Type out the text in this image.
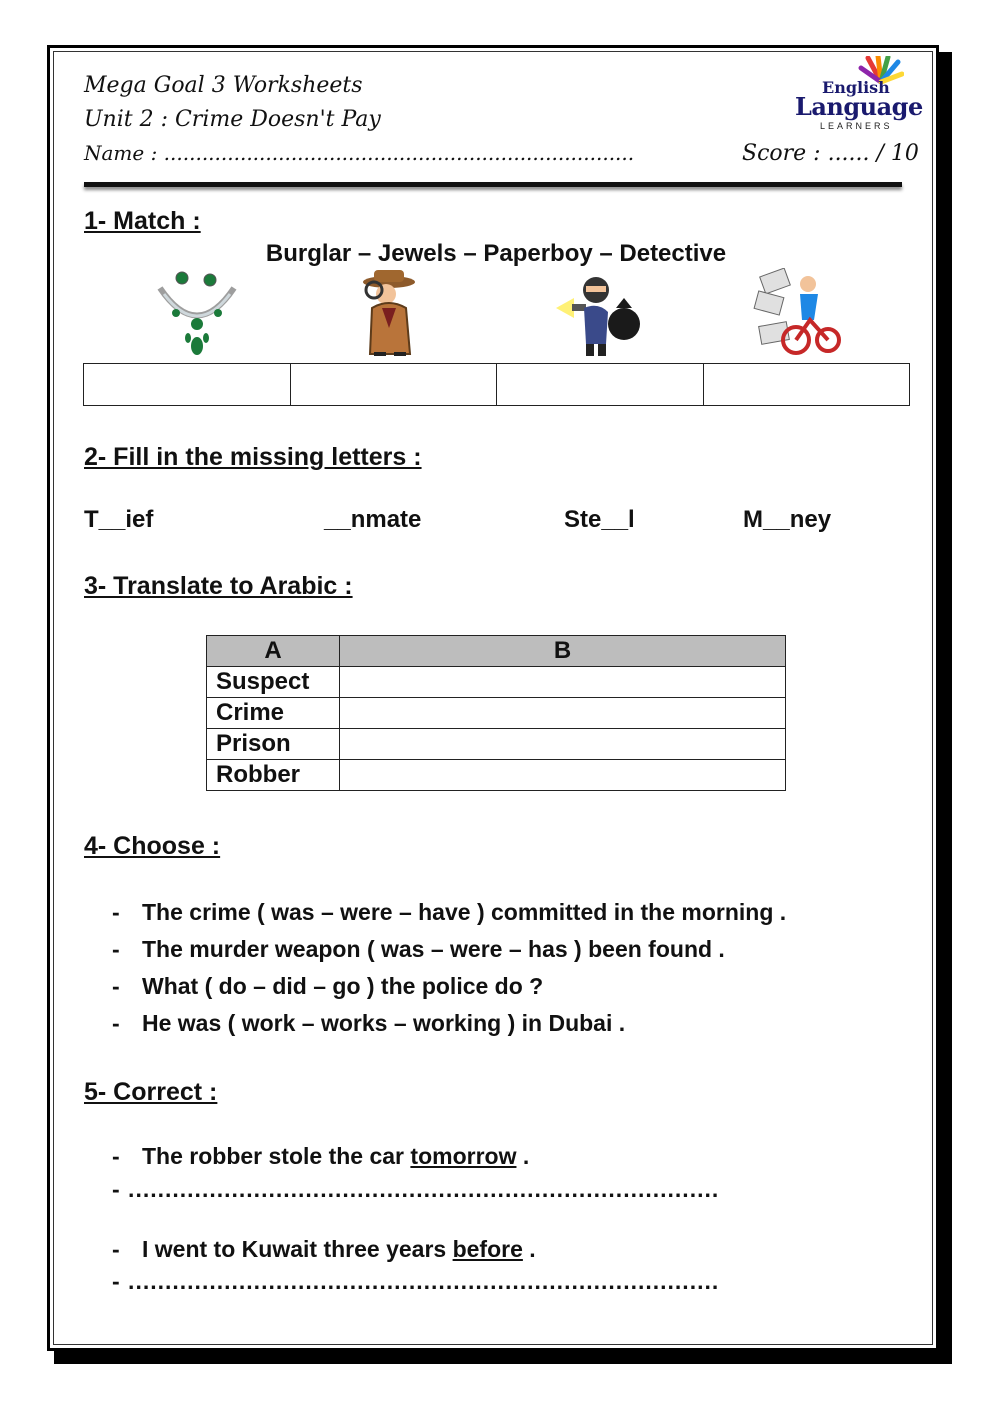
Mega Goal 3 Worksheets
Unit 2 : Crime Doesn't Pay
Name : ..........................................................................	Score : ...... / 10
English
Language
LEARNERS
1- Match :
Burglar – Jewels – Paperboy – Detective

2- Fill in the missing letters :
T__ief	__nmate	Ste__l	M__ney
3- Translate to Arabic :
A	B
Suspect	
Crime	
Prison	
Robber	
4- Choose :
- The crime ( was – were – have ) committed in the morning .
- The murder weapon ( was – were – has ) been found .
- What ( do – did – go ) the police do ?
- He was ( work – works – working ) in Dubai .
5- Correct :
- The robber stole the car tomorrow .
- ................................................................................
- I went to Kuwait three years before .
- ................................................................................
